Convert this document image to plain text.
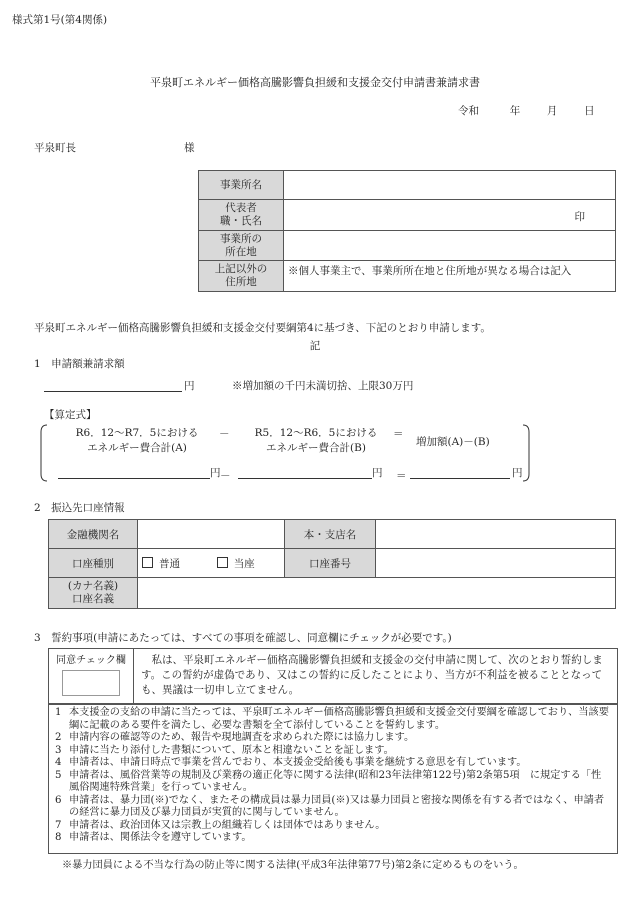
様式第1号(第4関係)
平泉町エネルギー価格高騰影響負担緩和支援金交付申請書兼請求書
令和	年	月	日
平泉町長	様
事業所名	
代表者
職・氏名	印

事業所の
所在地	
上記以外の
住所地	※個人事業主で、事業所所在地と住所地が異なる場合は記入
平泉町エネルギー価格高騰影響負担緩和支援金交付要綱第4に基づき、下記のとおり申請します。
記
1　申請額兼請求額
円	※増加額の千円未満切捨、上限30万円
【算定式】
R6．12〜R7．5における
エネルギー費合計(A)
－	R5．12〜R6．5における
エネルギー費合計(B)
＝
増加額(A)－(B)
円 －	円 ＝	円
2　振込先口座情報
金融機関名		本・支店名	
口座種別	普通 当座	口座番号	
(カナ名義)
口座名義			
3　誓約事項(申請にあたっては、すべての事項を確認し、同意欄にチェックが必要です。)
同意チェック欄	　私は、平泉町エネルギー価格高騰影響負担緩和支援金の交付申請に関して、次のとおり誓約します。この誓約が虚偽であり、又はこの誓約に反したことにより、当方が不利益を被ることとなっても、異議は一切申し立てません。
1 本支援金の支給の申請に当たっては、平泉町エネルギー価格高騰影響負担緩和支援金交付要綱を確認しており、当該要綱に記載のある要件を満たし、必要な書類を全て添付していることを誓約します。
2 申請内容の確認等のため、報告や現地調査を求められた際には協力します。
3 申請に当たり添付した書類について、原本と相違ないことを証します。
4 申請者は、申請日時点で事業を営んでおり、本支援金受給後も事業を継続する意思を有しています。
5 申請者は、風俗営業等の規制及び業務の適正化等に関する法律(昭和23年法律第122号)第2条第5項　に規定する「性風俗関連特殊営業」を行っていません。
6 申請者は、暴力団(※)でなく、またその構成員は暴力団員(※)又は暴力団員と密接な関係を有する者ではなく、申請者の経営に暴力団及び暴力団員が実質的に関与していません。
7 申請者は、政治団体又は宗教上の組織若しくは団体ではありません。
8 申請者は、関係法令を遵守しています。
※暴力団員による不当な行為の防止等に関する法律(平成3年法律第77号)第2条に定めるものをいう。
